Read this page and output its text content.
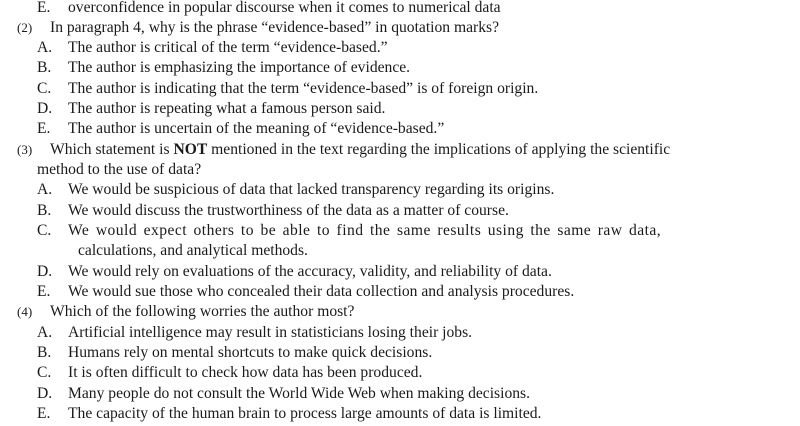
E. overconfidence in popular discourse when it comes to numerical data
(2) In paragraph 4, why is the phrase “evidence-based” in quotation marks?
A. The author is critical of the term “evidence-based.”
B. The author is emphasizing the importance of evidence.
C. The author is indicating that the term “evidence-based” is of foreign origin.
D. The author is repeating what a famous person said.
E. The author is uncertain of the meaning of “evidence-based.”
(3) Which statement is NOT mentioned in the text regarding the implications of applying the scientific
method to the use of data?
A. We would be suspicious of data that lacked transparency regarding its origins.
B. We would discuss the trustworthiness of the data as a matter of course.
C. We would expect others to be able to find the same results using the same raw data,
calculations, and analytical methods.
D. We would rely on evaluations of the accuracy, validity, and reliability of data.
E. We would sue those who concealed their data collection and analysis procedures.
(4) Which of the following worries the author most?
A. Artificial intelligence may result in statisticians losing their jobs.
B. Humans rely on mental shortcuts to make quick decisions.
C. It is often difficult to check how data has been produced.
D. Many people do not consult the World Wide Web when making decisions.
E. The capacity of the human brain to process large amounts of data is limited.
